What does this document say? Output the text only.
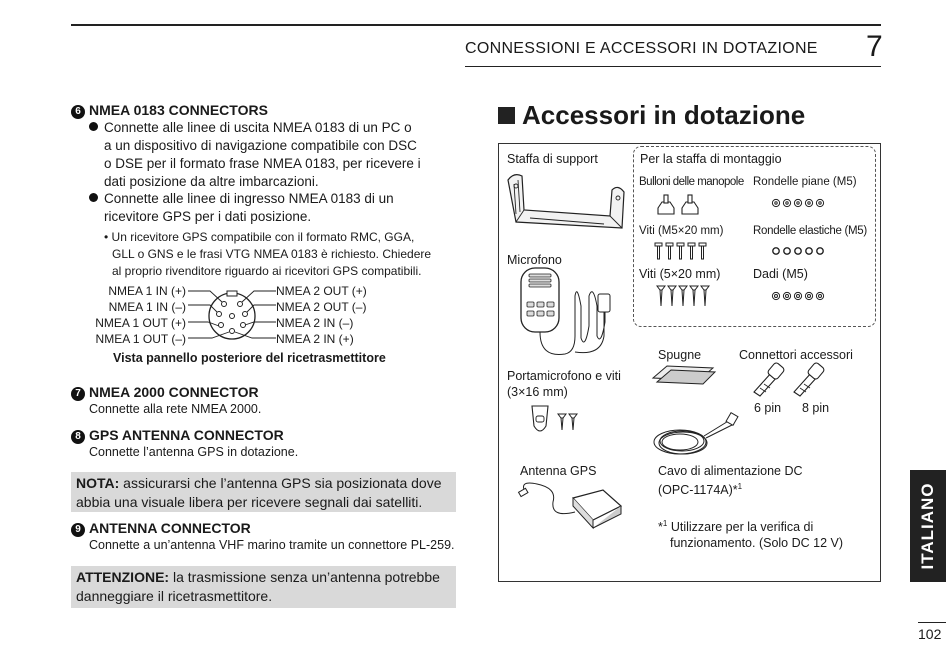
CONNESSIONI E ACCESSORI IN DOTAZIONE 7
6 NMEA 0183 CONNECTORS
Connette alle linee di uscita NMEA 0183 di un PC o
a un dispositivo di navigazione compatibile con DSC
o DSE per il formato frase NMEA 0183, per ricevere i
dati posizione da altre imbarcazioni.
Connette alle linee di ingresso NMEA 0183 di un
ricevitore GPS per i dati posizione.
• Un ricevitore GPS compatibile con il formato RMC, GGA,
GLL o GNS e le frasi VTG NMEA 0183 è richiesto. Chiedere
al proprio rivenditore riguardo ai ricevitori GPS compatibili.
NMEA 1 IN (+)
NMEA 1 IN (–)
NMEA 1 OUT (+)
NMEA 1 OUT (–)
NMEA 2 OUT (+)
NMEA 2 OUT (–)
NMEA 2 IN (–)
NMEA 2 IN (+)
Vista pannello posteriore del ricetrasmettitore
7 NMEA 2000 CONNECTOR
Connette alla rete NMEA 2000.
8 GPS ANTENNA CONNECTOR
Connette l’antenna GPS in dotazione.
NOTA: assicurarsi che l’antenna GPS sia posizionata dove
abbia una visuale libera per ricevere segnali dai satelliti.
9 ANTENNA CONNECTOR
Connette a un’antenna VHF marino tramite un connettore PL-259.
ATTENZIONE: la trasmissione senza un’antenna potrebbe
danneggiare il ricetrasmettitore.
Accessori in dotazione
Staffa di support	Per la staffa di montaggio
Bulloni delle manopole Rondelle piane (M5)
Viti (M5×20 mm)	Rondelle elastiche (M5)
Viti (5×20 mm)	Dadi (M5)
Microfono
Spugne	Connettori accessori
6 pin 8 pin
Portamicrofono e viti
(3×16 mm)
Antenna GPS	Cavo di alimentazione DC
(OPC-1174A)*$^1$
*$^1$ Utilizzare per la verifica di
funzionamento. (Solo DC 12 V)	ITALIANO
102
